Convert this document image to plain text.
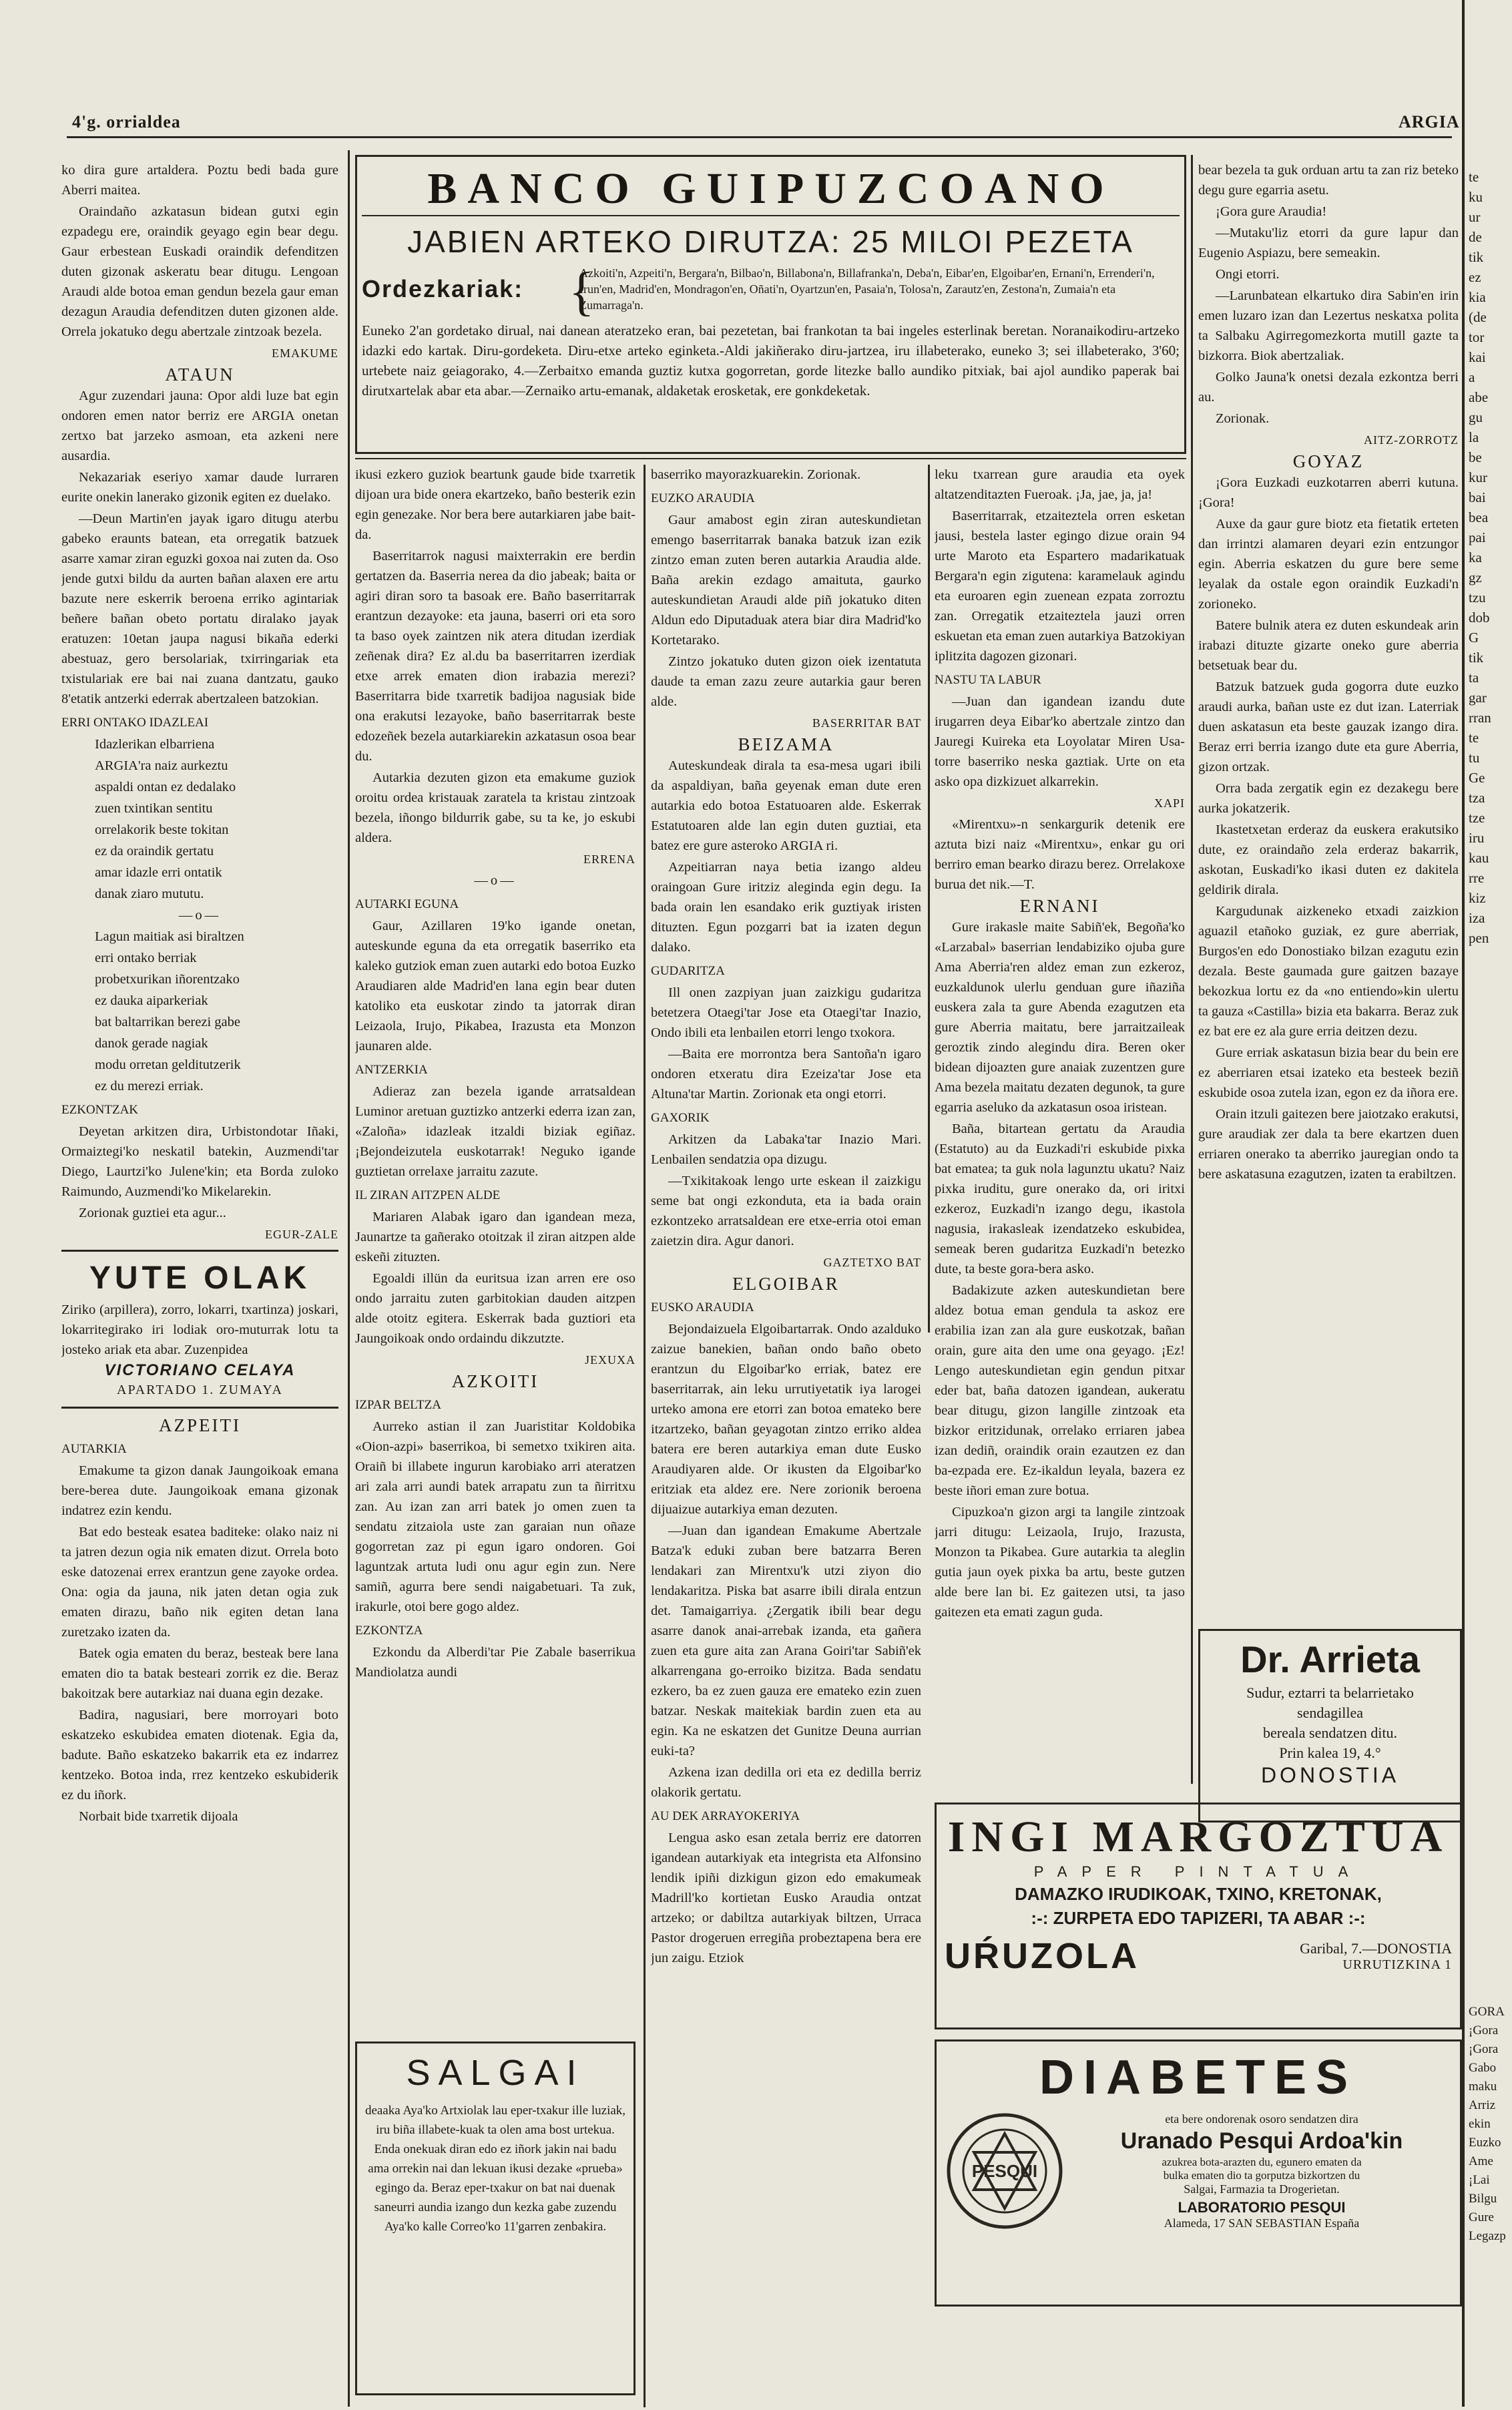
4'g. orrialdea	ARGIA

ko dira gure artaldera. Poztu bedi bada gure Aberri maitea.

Oraindaño azkatasun bidean gutxi egin ezpadegu ere, oraindik geyago egin bear degu. Gaur erbestean Euskadi oraindik defenditzen duten gizonak askeratu bear ditugu. Lengoan Araudi alde botoa eman gendun bezela gaur eman dezagun Araudia defenditzen duten gizonen alde. Orrela jokatuko degu abertzale zintzoak bezela.

EMAKUME

ATAUN

Agur zuzendari jauna: Opor aldi luze bat egin ondoren emen nator berriz ere ARGIA onetan zertxo bat jarzeko asmoan, eta azkeni nere ausardia.

Nekazariak eseriyo xamar daude lurraren eurite onekin lanerako gizonik egiten ez duelako.

—Deun Martin'en jayak igaro ditugu aterbu gabeko eraunts batean, eta orregatik batzuek asarre xamar ziran eguzki goxoa nai zuten da. Oso jende gutxi bildu da aurten bañan alaxen ere artu bazute nere eskerrik beroena erriko agintariak beñere bañan obeto portatu diralako jayak eratuzen: 10etan jaupa nagusi bikaña ederki abestuaz, gero bersolariak, txirringariak eta txistulariak ere bai nai zuana dantzatu, gauko 8'etatik antzerki ederrak abertzaleen batzokian.

ERRI ONTAKO IDAZLEAI

Idazlerikan elbarriena

ARGIA'ra naiz aurkeztu

aspaldi ontan ez dedalako

zuen txintikan sentitu

orrelakorik beste tokitan

ez da oraindik gertatu

amar idazle erri ontatik

danak ziaro mututu.

—o—

Lagun maitiak asi biraltzen

erri ontako berriak

probetxurikan iñorentzako

ez dauka aiparkeriak

bat baltarrikan berezi gabe

danok gerade nagiak

modu orretan gelditutzerik

ez du merezi erriak.

EZKONTZAK

Deyetan arkitzen dira, Urbistondotar Iñaki, Ormaiztegi'ko neskatil batekin, Auzmendi'tar Diego, Laurtzi'ko Julene'kin; eta Borda zuloko Raimundo, Auzmendi'ko Mikelarekin.

Zorionak guztiei eta agur...

EGUR-ZALE

YUTE OLAK

Ziriko (arpillera), zorro, lokarri, txartinza) joskari, lokarritegirako iri lodiak oro-muturrak lotu ta josteko ariak eta abar. Zuzenpidea

VICTORIANO CELAYA
APARTADO 1. ZUMAYA

AZPEITI

AUTARKIA

Emakume ta gizon danak Jaungoikoak emana bere-berea dute. Jaungoikoak emana gizonak indatrez ezin kendu.

Bat edo besteak esatea baditeke: olako naiz ni ta jatren dezun ogia nik ematen dizut. Orrela boto eske datozenai errex erantzun gene zayoke ordea. Ona: ogia da jauna, nik jaten detan ogia zuk ematen dirazu, baño nik egiten detan lana zuretzako izaten da.

Batek ogia ematen du beraz, besteak bere lana ematen dio ta batak besteari zorrik ez die. Beraz bakoitzak bere autarkiaz nai duana egin dezake.

Badira, nagusiari, bere morroyari boto eskatzeko eskubidea ematen diotenak. Egia da, badute. Baño eskatzeko bakarrik eta ez indarrez kentzeko. Botoa inda, rrez kentzeko eskubiderik ez du iñork.

Norbait bide txarretik dijoala

BANCO GUIPUZCOANO
JABIEN ARTEKO DIRUTZA: 25 MILOI PEZETA
Ordezkariak: {
Azkoiti'n, Azpeiti'n, Bergara'n, Bilbao'n, Billabona'n, Billafranka'n, Deba'n, Eibar'en, Elgoibar'en, Ernani'n, Errenderi'n, Irun'en, Madrid'en, Mondragon'en, Oñati'n, Oyartzun'en, Pasaia'n, Tolosa'n, Zarautz'en, Zestona'n, Zumaia'n eta Zumarraga'n.
Euneko 2'an gordetako dirual, nai danean ateratzeko eran, bai pezetetan, bai frankotan ta bai ingeles esterlinak beretan. Noranaikodiru-artzeko idazki edo kartak. Diru-gordeketa. Diru-etxe arteko eginketa.-Aldi jakiñerako diru-jartzea, iru illabeterako, euneko 3; sei illabeterako, 3'60; urtebete naiz geiagorako, 4.—Zerbaitxo emanda guztiz kutxa gogorretan, gorde litezke ballo aundiko pitxiak, bai ajol aundiko paperak bai dirutxartelak abar eta abar.—Zernaiko artu-emanak, aldaketak erosketak, ere gonkdeketak.

ikusi ezkero guziok beartunk gaude bide txarretik dijoan ura bide onera ekartzeko, baño besterik ezin egin genezake. Nor bera bere autarkiaren jabe bait-da.

Baserritarrok nagusi maixterrakin ere berdin gertatzen da. Baserria nerea da dio jabeak; baita or agiri diran soro ta basoak ere. Baño baserritarrak erantzun dezayoke: eta jauna, baserri ori eta soro ta baso oyek zaintzen nik atera ditudan izerdiak zeñenak dira? Ez al.du ba baserritarren izerdiak etxe arrek ematen dion irabazia merezi? Baserritarra bide txarretik badijoa nagusiak bide ona erakutsi lezayoke, baño baserritarrak beste edozeñek bezela autarkiarekin azkatasun osoa bear du.

Autarkia dezuten gizon eta emakume guziok oroitu ordea kristauak zaratela ta kristau zintzoak bezela, iñongo bildurrik gabe, su ta ke, jo eskubi aldera.

ERRENA

—o—

AUTARKI EGUNA

Gaur, Azillaren 19'ko igande onetan, auteskunde eguna da eta orregatik baserriko eta kaleko gutziok eman zuen autarki edo botoa Euzko Araudiaren alde Madrid'en lana egin bear duten katoliko eta euskotar zindo ta jatorrak diran Leizaola, Irujo, Pikabea, Irazusta eta Monzon jaunaren alde.

ANTZERKIA

Adieraz zan bezela igande arratsaldean Luminor aretuan guztizko antzerki ederra izan zan, «Zaloña» idazleak itzaldi biziak egiñaz. ¡Bejondeizutela euskotarrak! Neguko igande guztietan orrelaxe jarraitu zazute.

IL ZIRAN AITZPEN ALDE

Mariaren Alabak igaro dan igandean meza, Jaunartze ta gañerako otoitzak il ziran aitzpen alde eskeñi zituzten.

Egoaldi illün da euritsua izan arren ere oso ondo jarraitu zuten garbitokian dauden aitzpen alde otoitz egitera. Eskerrak bada guztiori eta Jaungoikoak ondo ordaindu dikzutzte.

JEXUXA

AZKOITI

IZPAR BELTZA

Aurreko astian il zan Juaristitar Koldobika «Oion-azpi» baserrikoa, bi semetxo txikiren aita. Oraiñ bi illabete ingurun karobiako arri ateratzen ari zala arri aundi batek arrapatu zun ta ñirritxu zan. Au izan zan arri batek jo omen zuen ta sendatu zitzaiola uste zan garaian nun oñaze gogorretan zaz pi egun igaro ondoren. Goi laguntzak artuta ludi onu agur egin zun. Nere samiñ, agurra bere sendi naigabetuari. Ta zuk, irakurle, otoi bere gogo aldez.

EZKONTZA

Ezkondu da Alberdi'tar Pie Zabale baserrikua Mandiolatza aundi

SALGAI
deaaka Aya'ko Artxiolak lau eper-txakur ille luziak, iru biña illabete-kuak ta olen ama bost urtekua. Enda onekuak diran edo ez iñork jakin nai badu ama orrekin nai dan lekuan ikusi dezake «prueba» egingo da. Beraz eper-txakur on bat nai duenak saneurri aundia izango dun kezka gabe zuzendu Aya'ko kalle Correo'ko 11'garren zenbakira.

baserriko mayorazkuarekin. Zorionak.

EUZKO ARAUDIA

Gaur amabost egin ziran auteskundietan emengo baserritarrak banaka batzuk izan ezik zintzo eman zuten beren autarkia Araudia alde. Baña arekin ezdago amaituta, gaurko auteskundietan Araudi alde piñ jokatuko diten Aldun edo Diputaduak atera biar dira Madrid'ko Kortetarako.

Zintzo jokatuko duten gizon oiek izentatuta daude ta eman zazu zeure autarkia gaur beren alde.

BASERRITAR BAT

BEIZAMA

Auteskundeak dirala ta esa-mesa ugari ibili da aspaldiyan, baña geyenak eman dute eren autarkia edo botoa Estatuoaren alde. Eskerrak Estatutoaren alde lan egin duten guztiai, eta batez ere gure asteroko ARGIA ri.

Azpeitiarran naya betia izango aldeu oraingoan Gure iritziz aleginda egin degu. Ia bada orain len esandako erik guztiyak iristen dituzten. Egun pozgarri bat ia izaten degun dalako.

GUDARITZA

Ill onen zazpiyan juan zaizkigu gudaritza betetzera Otaegi'tar Jose eta Otaegi'tar Inazio, Ondo ibili eta lenbailen etorri lengo txokora.

—Baita ere morrontza bera Santoña'n igaro ondoren etxeratu dira Ezeiza'tar Jose eta Altuna'tar Martin. Zorionak eta ongi etorri.

GAXORIK

Arkitzen da Labaka'tar Inazio Mari. Lenbailen sendatzia opa dizugu.

—Txikitakoak lengo urte eskean il zaizkigu seme bat ongi ezkonduta, eta ia bada orain ezkontzeko arratsaldean ere etxe-erria otoi eman zaietzin dira. Agur danori.

GAZTETXO BAT

ELGOIBAR

EUSKO ARAUDIA

Bejondaizuela Elgoibartarrak. Ondo azalduko zaizue banekien, bañan ondo baño obeto erantzun du Elgoibar'ko erriak, batez ere baserritarrak, ain leku urrutiyetatik iya larogei urteko amona ere etorri zan botoa emateko bere itzartzeko, bañan geyagotan zintzo erriko aldea batera ere beren autarkiya eman dute Eusko Araudiyaren alde. Or ikusten da Elgoibar'ko eritziak eta aldez ere. Nere zorionik beroena dijuaizue autarkiya eman dezuten.

—Juan dan igandean Emakume Abertzale Batza'k eduki zuban bere batzarra Beren lendakari zan Mirentxu'k utzi ziyon dio lendakaritza. Piska bat asarre ibili dirala entzun det. Tamaigarriya. ¿Zergatik ibili bear degu asarre danok anai-arrebak izanda, eta gañera zuen eta gure aita zan Arana Goiri'tar Sabiñ'ek alkarrengana go-erroiko bizitza. Bada sendatu ezkero, ba ez zuen gauza ere emateko ezin zuen batzar. Neskak maitekiak bardin zuen eta au egin. Ka ne eskatzen det Gunitze Deuna aurrian euki-ta?

Azkena izan dedilla ori eta ez dedilla berriz olakorik gertatu.

AU DEK ARRAYOKERIYA

Lengua asko esan zetala berriz ere datorren igandean autarkiyak eta integrista eta Alfonsino lendik ipiñi dizkigun gizon edo emakumeak Madrill'ko kortietan Eusko Araudia ontzat artzeko; or dabiltza autarkiyak biltzen, Urraca Pastor drogeruen erregiña probeztapena bera ere jun zaigu. Etziok

leku txarrean gure araudia eta oyek altatzenditazten Fueroak. ¡Ja, jae, ja, ja!

Baserritarrak, etzaiteztela orren esketan jausi, bestela laster egingo dizue orain 94 urte Maroto eta Espartero madarikatuak Bergara'n egin zigutena: karamelauk agindu eta euroaren egin zuenean ezpata zorroztu zan. Orregatik etzaiteztela jauzi orren eskuetan eta eman zuen autarkiya Batzokiyan iplitzita dagozen gizonari.

NASTU TA LABUR

—Juan dan igandean izandu dute irugarren deya Eibar'ko abertzale zintzo dan Jauregi Kuireka eta Loyolatar Miren Usa-torre baserriko neska gaztiak. Urte on eta asko opa dizkizuet alkarrekin.

XAPI

«Mirentxu»-n senkargurik detenik ere aztuta bizi naiz «Mirentxu», enkar gu ori berriro eman bearko dirazu berez. Orrelakoxe burua det nik.—T.

ERNANI

Gure irakasle maite Sabiñ'ek, Begoña'ko «Larzabal» baserrian lendabiziko ojuba gure Ama Aberria'ren aldez eman zun ezkeroz, euzkaldunok ulerlu genduan gure iñaziña euskera zala ta gure Abenda ezagutzen eta gure Aberria maitatu, bere jarraitzaileak geroztik zindo alegindu dira. Beren oker bidean dijoazten gure anaiak zuzentzen gure Ama bezela maitatu dezaten degunok, ta gure egarria aseluko da azkatasun osoa iristean.

Baña, bitartean gertatu da Araudia (Estatuto) au da Euzkadi'ri eskubide pixka bat ematea; ta guk nola lagunztu ukatu? Naiz pixka iruditu, gure onerako da, ori iritxi ezkeroz, Euzkadi'n izango degu, ikastola nagusia, irakasleak izendatzeko eskubidea, semeak beren gudaritza Euzkadi'n betezko dute, ta beste gora-bera asko.

Badakizute azken auteskundietan bere aldez botua eman gendula ta askoz ere erabilia izan zan ala gure euskotzak, bañan orain, gure aita den ume ona geyago. ¡Ez! Lengo auteskundietan egin gendun pitxar eder bat, baña datozen igandean, aukeratu bear ditugu, gizon langille zintzoak eta bizkor eritzidunak, orrelako erriaren jabea izan dediñ, oraindik orain ezautzen ez dan ba-ezpada ere. Ez-ikaldun leyala, bazera ez beste iñori eman zure botua.

Cipuzkoa'n gizon argi ta langile zintzoak jarri ditugu: Leizaola, Irujo, Irazusta, Monzon ta Pikabea. Gure autarkia ta aleglin gutia jaun oyek pixka ba artu, beste gutzen alde bere lan bi. Ez gaitezen utsi, ta jaso gaitezen eta emati zagun guda.

bear bezela ta guk orduan artu ta zan riz beteko degu gure egarria asetu.

¡Gora gure Araudia!

—Mutaku'liz etorri da gure lapur dan Eugenio Aspiazu, bere semeakin.

Ongi etorri.

—Larunbatean elkartuko dira Sabin'en irin emen luzaro izan dan Lezertus neskatxa polita ta Salbaku Agirregomezkorta mutill gazte ta bizkorra. Biok abertzaliak.

Golko Jauna'k onetsi dezala ezkontza berri au.

Zorionak.

AITZ-ZORROTZ

GOYAZ

¡Gora Euzkadi euzkotarren aberri kutuna. ¡Gora!

Auxe da gaur gure biotz eta fietatik erteten dan irrintzi alamaren deyari ezin entzungor egin. Aberria eskatzen du gure bere seme leyalak da ostale egon oraindik Euzkadi'n zorioneko.

Batere bulnik atera ez duten eskundeak arin irabazi dituzte gizarte oneko gure aberria betsetuak bear du.

Batzuk batzuek guda gogorra dute euzko araudi aurka, bañan uste ez dut izan. Laterriak duen askatasun eta beste gauzak izango dira. Beraz erri berria izango dute eta gure Aberria, gizon ortzak.

Orra bada zergatik egin ez dezakegu bere aurka jokatzerik.

Ikastetxetan erderaz da euskera erakutsiko dute, ez oraindaño zela erderaz bakarrik, askotan, Euskadi'ko ikasi duten ez dakitela geldirik dirala.

Kargudunak aizkeneko etxadi zaizkion aguazil etañoko guziak, ez gure aberriak, Burgos'en edo Donostiako bilzan ezagutu ezin dezala. Beste gaumada gure gaitzen bazaye bekozkua lortu ez da «no entiendo»kin ulertu ta gauza «Castilla» bizia eta bakarra. Beraz zuk ez bat ere ez ala gure erria deitzen dezu.

Gure erriak askatasun bizia bear du bein ere ez aberriaren etsai izateko eta besteek beziñ eskubide osoa zutela izan, egon ez da iñora ere.

Orain itzuli gaitezen bere jaiotzako erakutsi, gure araudiak zer dala ta bere ekartzen duen erriaren onerako ta aberriko jauregian ondo ta bere askatasuna ezagutzen, izaten ta erabiltzen.

Dr. Arrieta
Sudur, eztarri ta belarrietako
sendagillea
bereala sendatzen ditu.
Prin kalea 19, 4.°
DONOSTIA
INGI MARGOZTUA
PAPER PINTATUA
DAMAZKO IRUDIKOAK, TXINO, KRETONAK,
:-: ZURPETA EDO TAPIZERI, TA ABAR :-:
UŔUZOLA	Garibal, 7.—DONOSTIA
URRUTIZKINA 1
DIABETES
PESQUI
eta bere ondorenak osoro sendatzen dira
Uranado Pesqui Ardoa'kin
azukrea bota-arazten du, egunero ematen da
bulka ematen dio ta gorputza bizkortzen du
Salgai, Farmazia ta Drogerietan.
LABORATORIO PESQUI
Alameda, 17 SAN SEBASTIAN España
te
ku
ur
de
tik
ez
kia
(de
tor
kai
a
abe
gu
la
be
kur
bai
bea
pai
ka
gz
tzu
dob
G
tik
ta
gar
rran
te
tu
Ge
tza
tze
iru
kau
rre
kiz
iza
pen
GORA
¡Gora
¡Gora
Gabo
maku
Arriz
ekin
Euzko
Ame
¡Lai
Bilgu
Gure
Legazp
